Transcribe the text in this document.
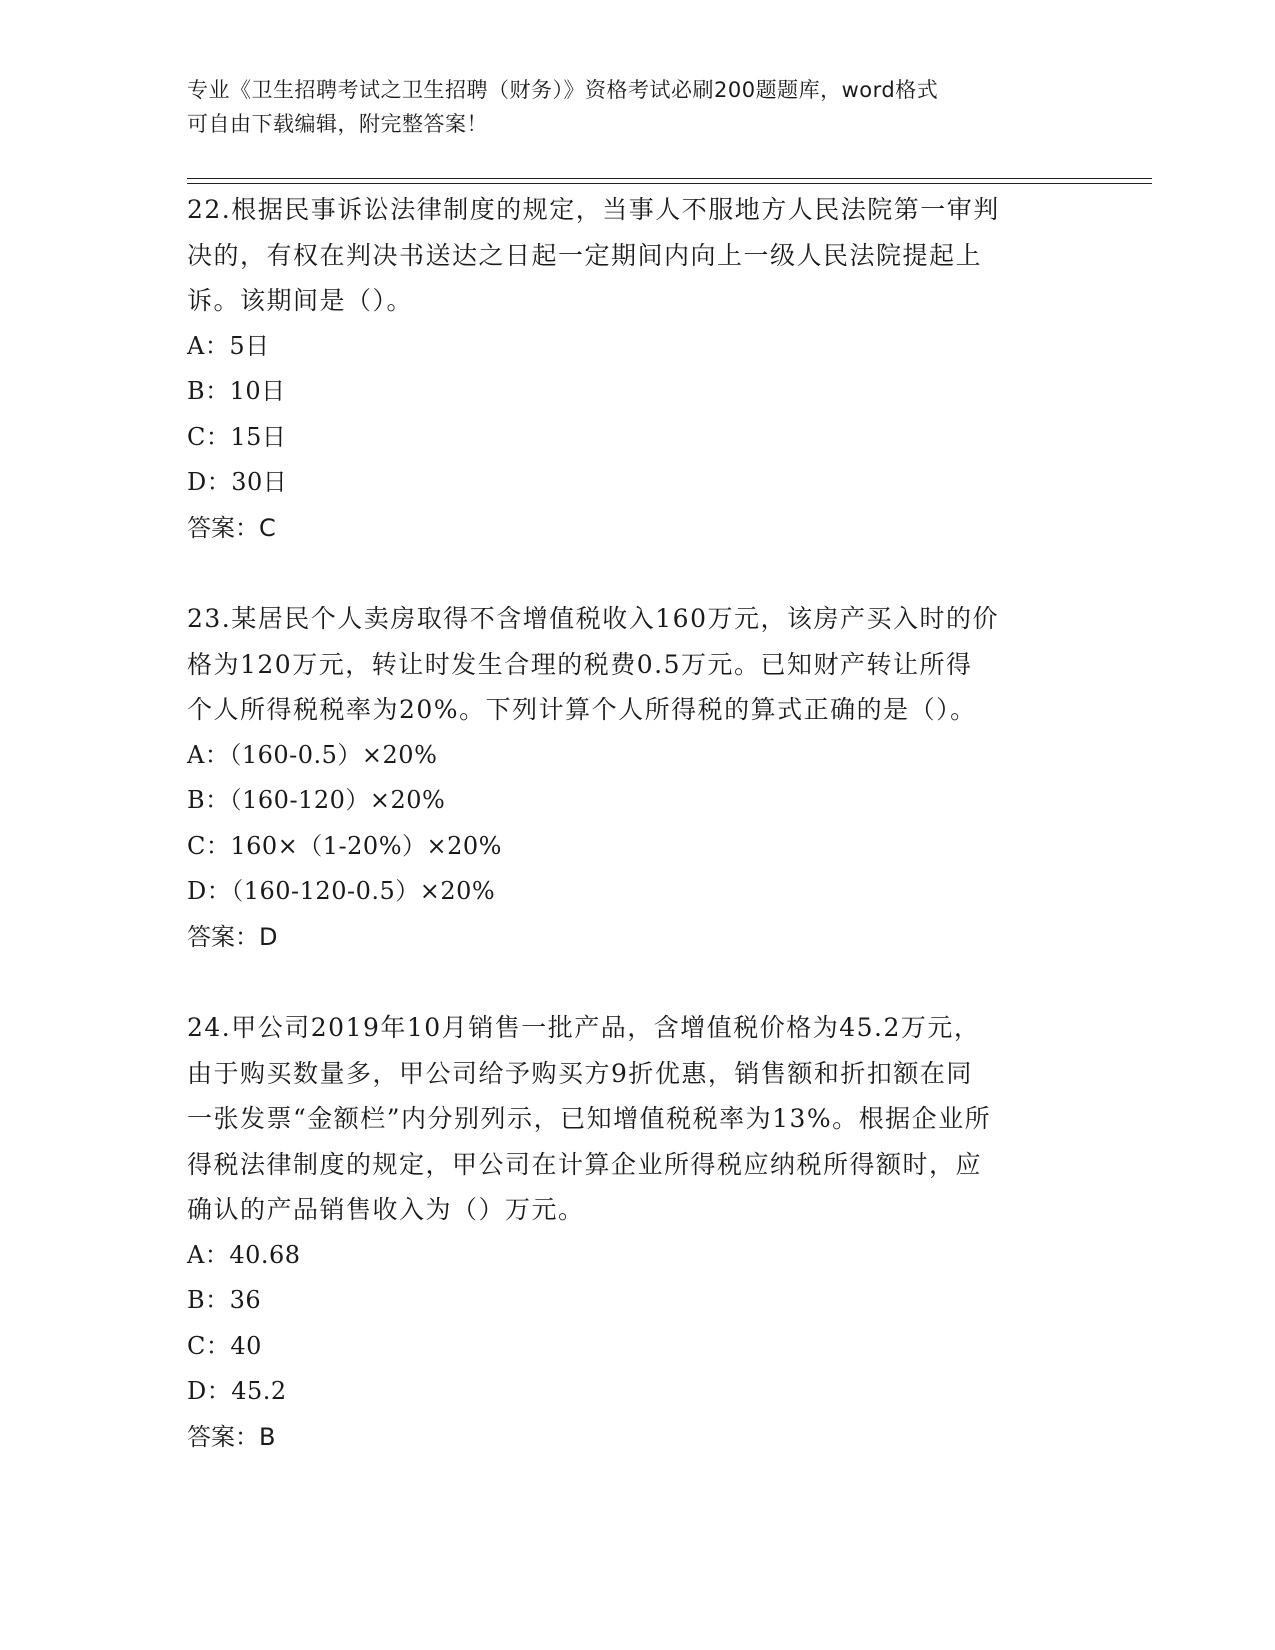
专业《卫生招聘考试之卫生招聘（财务）》资格考试必刷200题题库，word格式
可自由下载编辑，附完整答案！

22.根据民事诉讼法律制度的规定，当事人不服地方人民法院第一审判

决的，有权在判决书送达之日起一定期间内向上一级人民法院提起上

诉。该期间是（）。

A：5日

B：10日

C：15日

D：30日

答案：C

23.某居民个人卖房取得不含增值税收入160万元，该房产买入时的价

格为120万元，转让时发生合理的税费0.5万元。已知财产转让所得

个人所得税税率为20%。下列计算个人所得税的算式正确的是（）。

A：（160-0.5）×20%

B：（160-120）×20%

C：160×（1-20%）×20%

D：（160-120-0.5）×20%

答案：D

24.甲公司2019年10月销售一批产品，含增值税价格为45.2万元，

由于购买数量多，甲公司给予购买方9折优惠，销售额和折扣额在同

一张发票“金额栏”内分别列示，已知增值税税率为13%。根据企业所

得税法律制度的规定，甲公司在计算企业所得税应纳税所得额时，应

确认的产品销售收入为（）万元。

A：40.68

B：36

C：40

D：45.2

答案：B
